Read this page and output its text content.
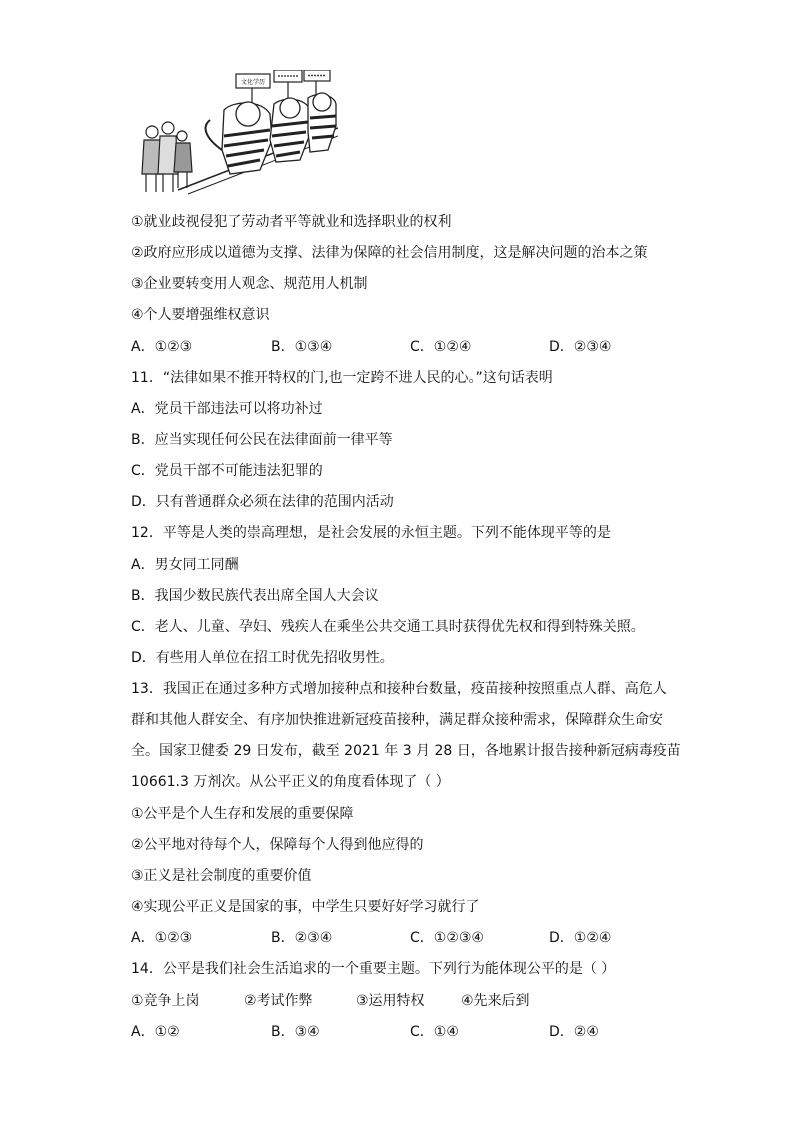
文化学历
①就业歧视侵犯了劳动者平等就业和选择职业的权利
②政府应形成以道德为支撑、法律为保障的社会信用制度，这是解决问题的治本之策
③企业要转变用人观念、规范用人机制
④个人要增强维权意识
A．①②③	B．①③④	C．①②④	D．②③④
11．“法律如果不推开特权的门,也一定跨不进人民的心。”这句话表明
A．党员干部违法可以将功补过
B．应当实现任何公民在法律面前一律平等
C．党员干部不可能违法犯罪的
D．只有普通群众必须在法律的范围内活动
12．平等是人类的崇高理想，是社会发展的永恒主题。下列不能体现平等的是
A．男女同工同酬
B．我国少数民族代表出席全国人大会议
C．老人、儿童、孕妇、残疾人在乘坐公共交通工具时获得优先权和得到特殊关照。
D．有些用人单位在招工时优先招收男性。
13．我国正在通过多种方式增加接种点和接种台数量，疫苗接种按照重点人群、高危人
群和其他人群安全、有序加快推进新冠疫苗接种，满足群众接种需求，保障群众生命安
全。国家卫健委 29 日发布，截至 2021 年 3 月 28 日，各地累计报告接种新冠病毒疫苗
10661.3 万剂次。从公平正义的角度看体现了（ ）
①公平是个人生存和发展的重要保障
②公平地对待每个人，保障每个人得到他应得的
③正义是社会制度的重要价值
④实现公平正义是国家的事，中学生只要好好学习就行了
A．①②③	B．②③④	C．①②③④	D．①②④
14．公平是我们社会生活追求的一个重要主题。下列行为能体现公平的是（ ）
①竞争上岗	②考试作弊	③运用特权	④先来后到
A．①②	B．③④	C．①④	D．②④
